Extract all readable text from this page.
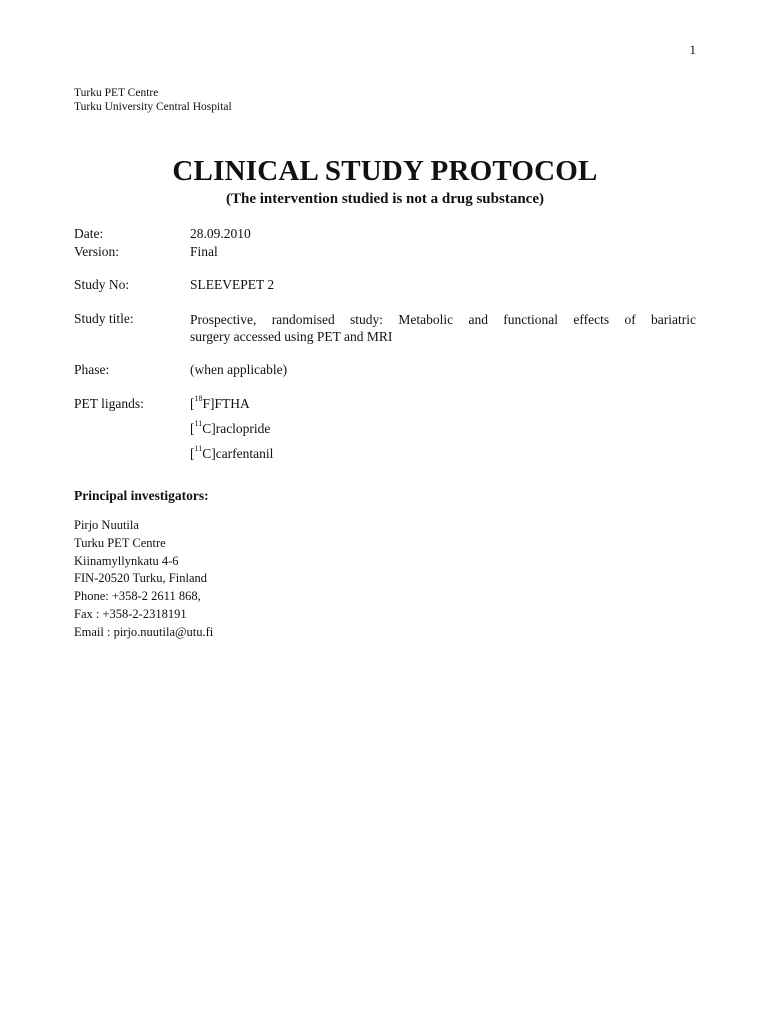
1
Turku PET Centre
Turku University Central Hospital
CLINICAL STUDY PROTOCOL
(The intervention studied is not a drug substance)
Date:	28.09.2010
Version:	Final
Study No:	SLEEVEPET 2
Study title:	Prospective, randomised study: Metabolic and functional effects of bariatric
surgery accessed using PET and MRI
Phase:	(when applicable)
PET ligands:	[$^{18}$F]FTHA
[$^{11}$C]raclopride
[$^{11}$C]carfentanil
Principal investigators:
Pirjo Nuutila
Turku PET Centre
Kiinamyllynkatu 4-6
FIN-20520 Turku, Finland
Phone: +358-2 2611 868,
Fax : +358-2-2318191
Email : pirjo.nuutila@utu.fi
